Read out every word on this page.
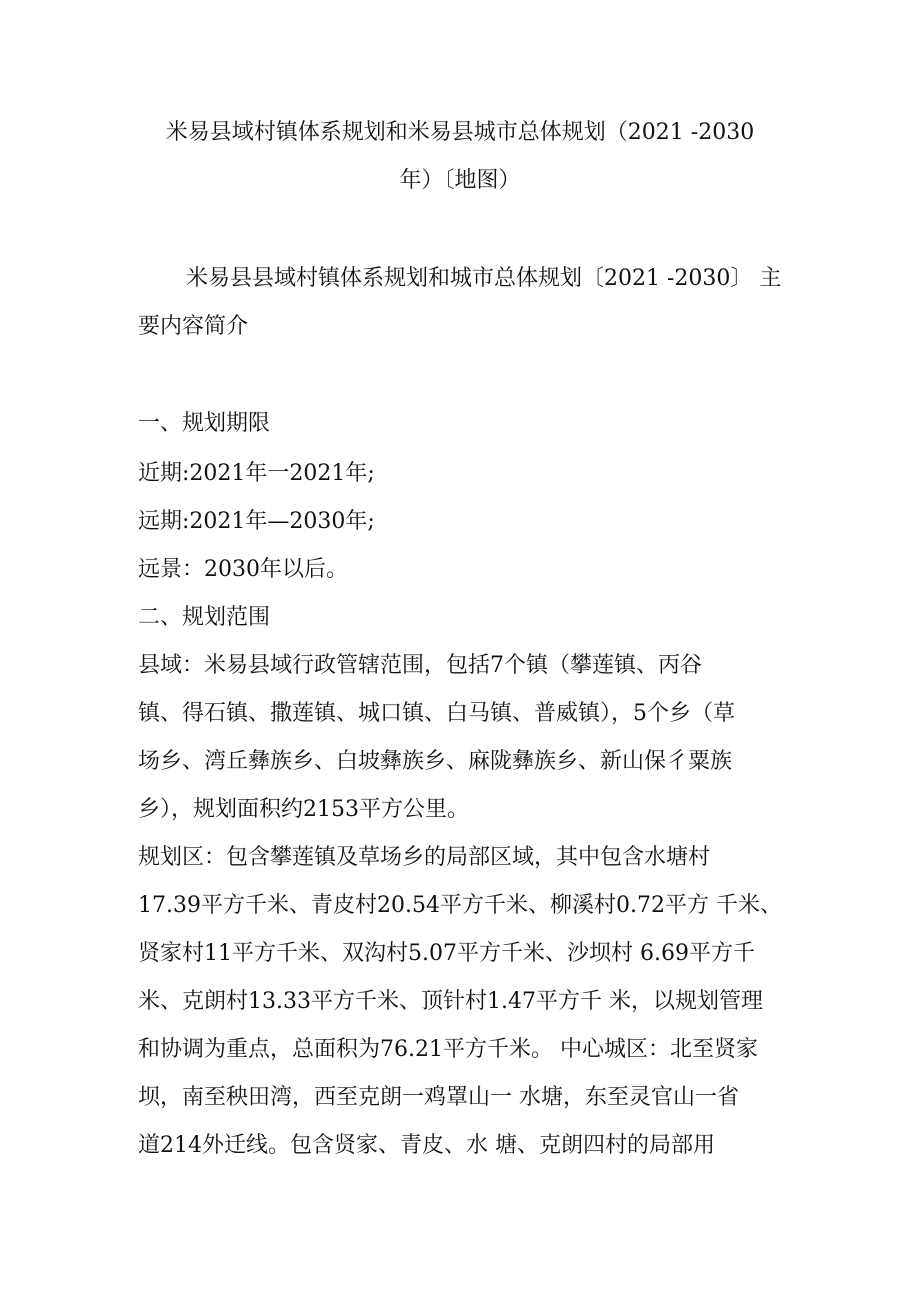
米易县域村镇体系规划和米易县城市总体规划（2021 -2030
年）〔地图）
米易县县域村镇体系规划和城市总体规划〔2021 -2030〕 主
要内容简介
一、规划期限
近期:2021年一2021年;
远期:2021年—2030年;
远景：2030年以后。
二、规划范围
县域：米易县域行政管辖范围，包括7个镇（攀莲镇、丙谷
镇、得石镇、撒莲镇、城口镇、白马镇、普威镇），5个乡（草
场乡、湾丘彝族乡、白坡彝族乡、麻陇彝族乡、新山保彳粟族
乡），规划面积约2153平方公里。
规划区：包含攀莲镇及草场乡的局部区域，其中包含水塘村
17.39平方千米、青皮村20.54平方千米、柳溪村0.72平方 千米、
贤家村11平方千米、双沟村5.07平方千米、沙坝村 6.69平方千
米、克朗村13.33平方千米、顶针村1.47平方千 米，以规划管理
和协调为重点，总面积为76.21平方千米。 中心城区：北至贤家
坝，南至秧田湾，西至克朗一鸡罩山一 水塘，东至灵官山一省
道214外迁线。包含贤家、青皮、水 塘、克朗四村的局部用
